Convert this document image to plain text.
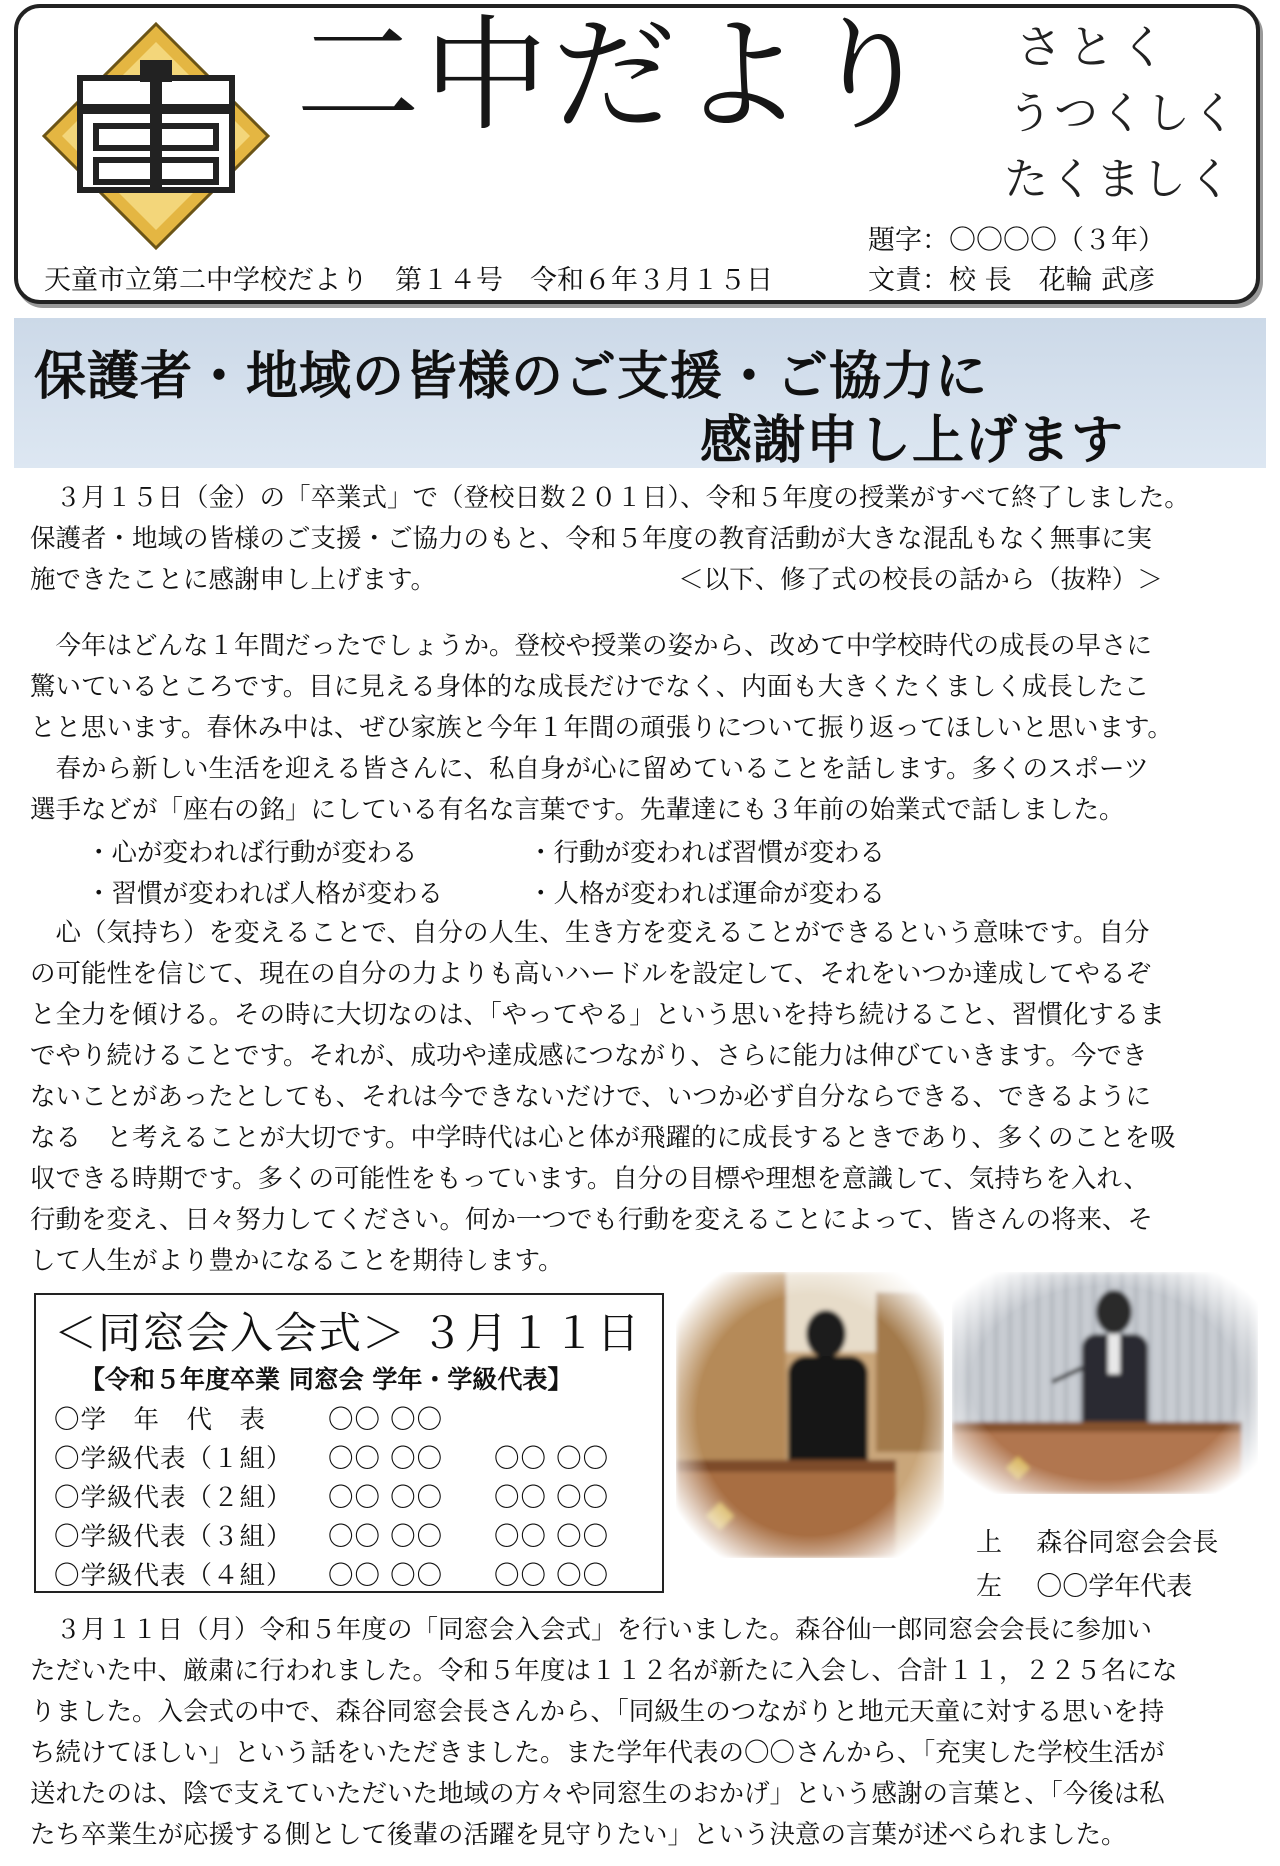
二中だより さとく
うつくしく
たくましく
題字：〇〇〇〇（３年）
文責：校 長　花輪 武彦
天童市立第二中学校だより　第１４号　令和６年３月１５日
保護者・地域の皆様のご支援・ご協力に
感謝申し上げます
　３月１５日（金）の「卒業式」で（登校日数２０１日）、令和５年度の授業がすべて終了しました。
保護者・地域の皆様のご支援・ご協力のもと、令和５年度の教育活動が大きな混乱もなく無事に実
施できたことに感謝申し上げます。　　　　　　　　　　＜以下、修了式の校長の話から（抜粋）＞
　今年はどんな１年間だったでしょうか。登校や授業の姿から、改めて中学校時代の成長の早さに
驚いているところです。目に見える身体的な成長だけでなく、内面も大きくたくましく成長したこ
とと思います。春休み中は、ぜひ家族と今年１年間の頑張りについて振り返ってほしいと思います。
　春から新しい生活を迎える皆さんに、私自身が心に留めていることを話します。多くのスポーツ
選手などが「座右の銘」にしている有名な言葉です。先輩達にも３年前の始業式で話しました。
・心が変われば行動が変わる	・行動が変われば習慣が変わる
・習慣が変われば人格が変わる	・人格が変われば運命が変わる
　心（気持ち）を変えることで、自分の人生、生き方を変えることができるという意味です。自分
の可能性を信じて、現在の自分の力よりも高いハードルを設定して、それをいつか達成してやるぞ
と全力を傾ける。その時に大切なのは、「やってやる」という思いを持ち続けること、習慣化するま
でやり続けることです。それが、成功や達成感につながり、さらに能力は伸びていきます。今でき
ないことがあったとしても、それは今できないだけで、いつか必ず自分ならできる、できるように
なる　と考えることが大切です。中学時代は心と体が飛躍的に成長するときであり、多くのことを吸
収できる時期です。多くの可能性をもっています。自分の目標や理想を意識して、気持ちを入れ、
行動を変え、日々努力してください。何か一つでも行動を変えることによって、皆さんの将来、そ
して人生がより豊かになることを期待します。
＜同窓会入会式＞ ３月１１日
【令和５年度卒業 同窓会 学年・学級代表】
〇学　年　代　表 〇〇 〇〇
〇学級代表（１組） 〇〇 〇〇 〇〇 〇〇
〇学級代表（２組） 〇〇 〇〇 〇〇 〇〇
〇学級代表（３組） 〇〇 〇〇 〇〇 〇〇
〇学級代表（４組） 〇〇 〇〇 〇〇 〇〇
上　 森谷同窓会会長
左　 〇〇学年代表
　３月１１日（月）令和５年度の「同窓会入会式」を行いました。森谷仙一郎同窓会会長に参加い
ただいた中、厳粛に行われました。令和５年度は１１２名が新たに入会し、合計１１，２２５名にな
りました。入会式の中で、森谷同窓会長さんから、「同級生のつながりと地元天童に対する思いを持
ち続けてほしい」という話をいただきました。また学年代表の〇〇さんから、「充実した学校生活が
送れたのは、陰で支えていただいた地域の方々や同窓生のおかげ」という感謝の言葉と、「今後は私
たち卒業生が応援する側として後輩の活躍を見守りたい」という決意の言葉が述べられました。
